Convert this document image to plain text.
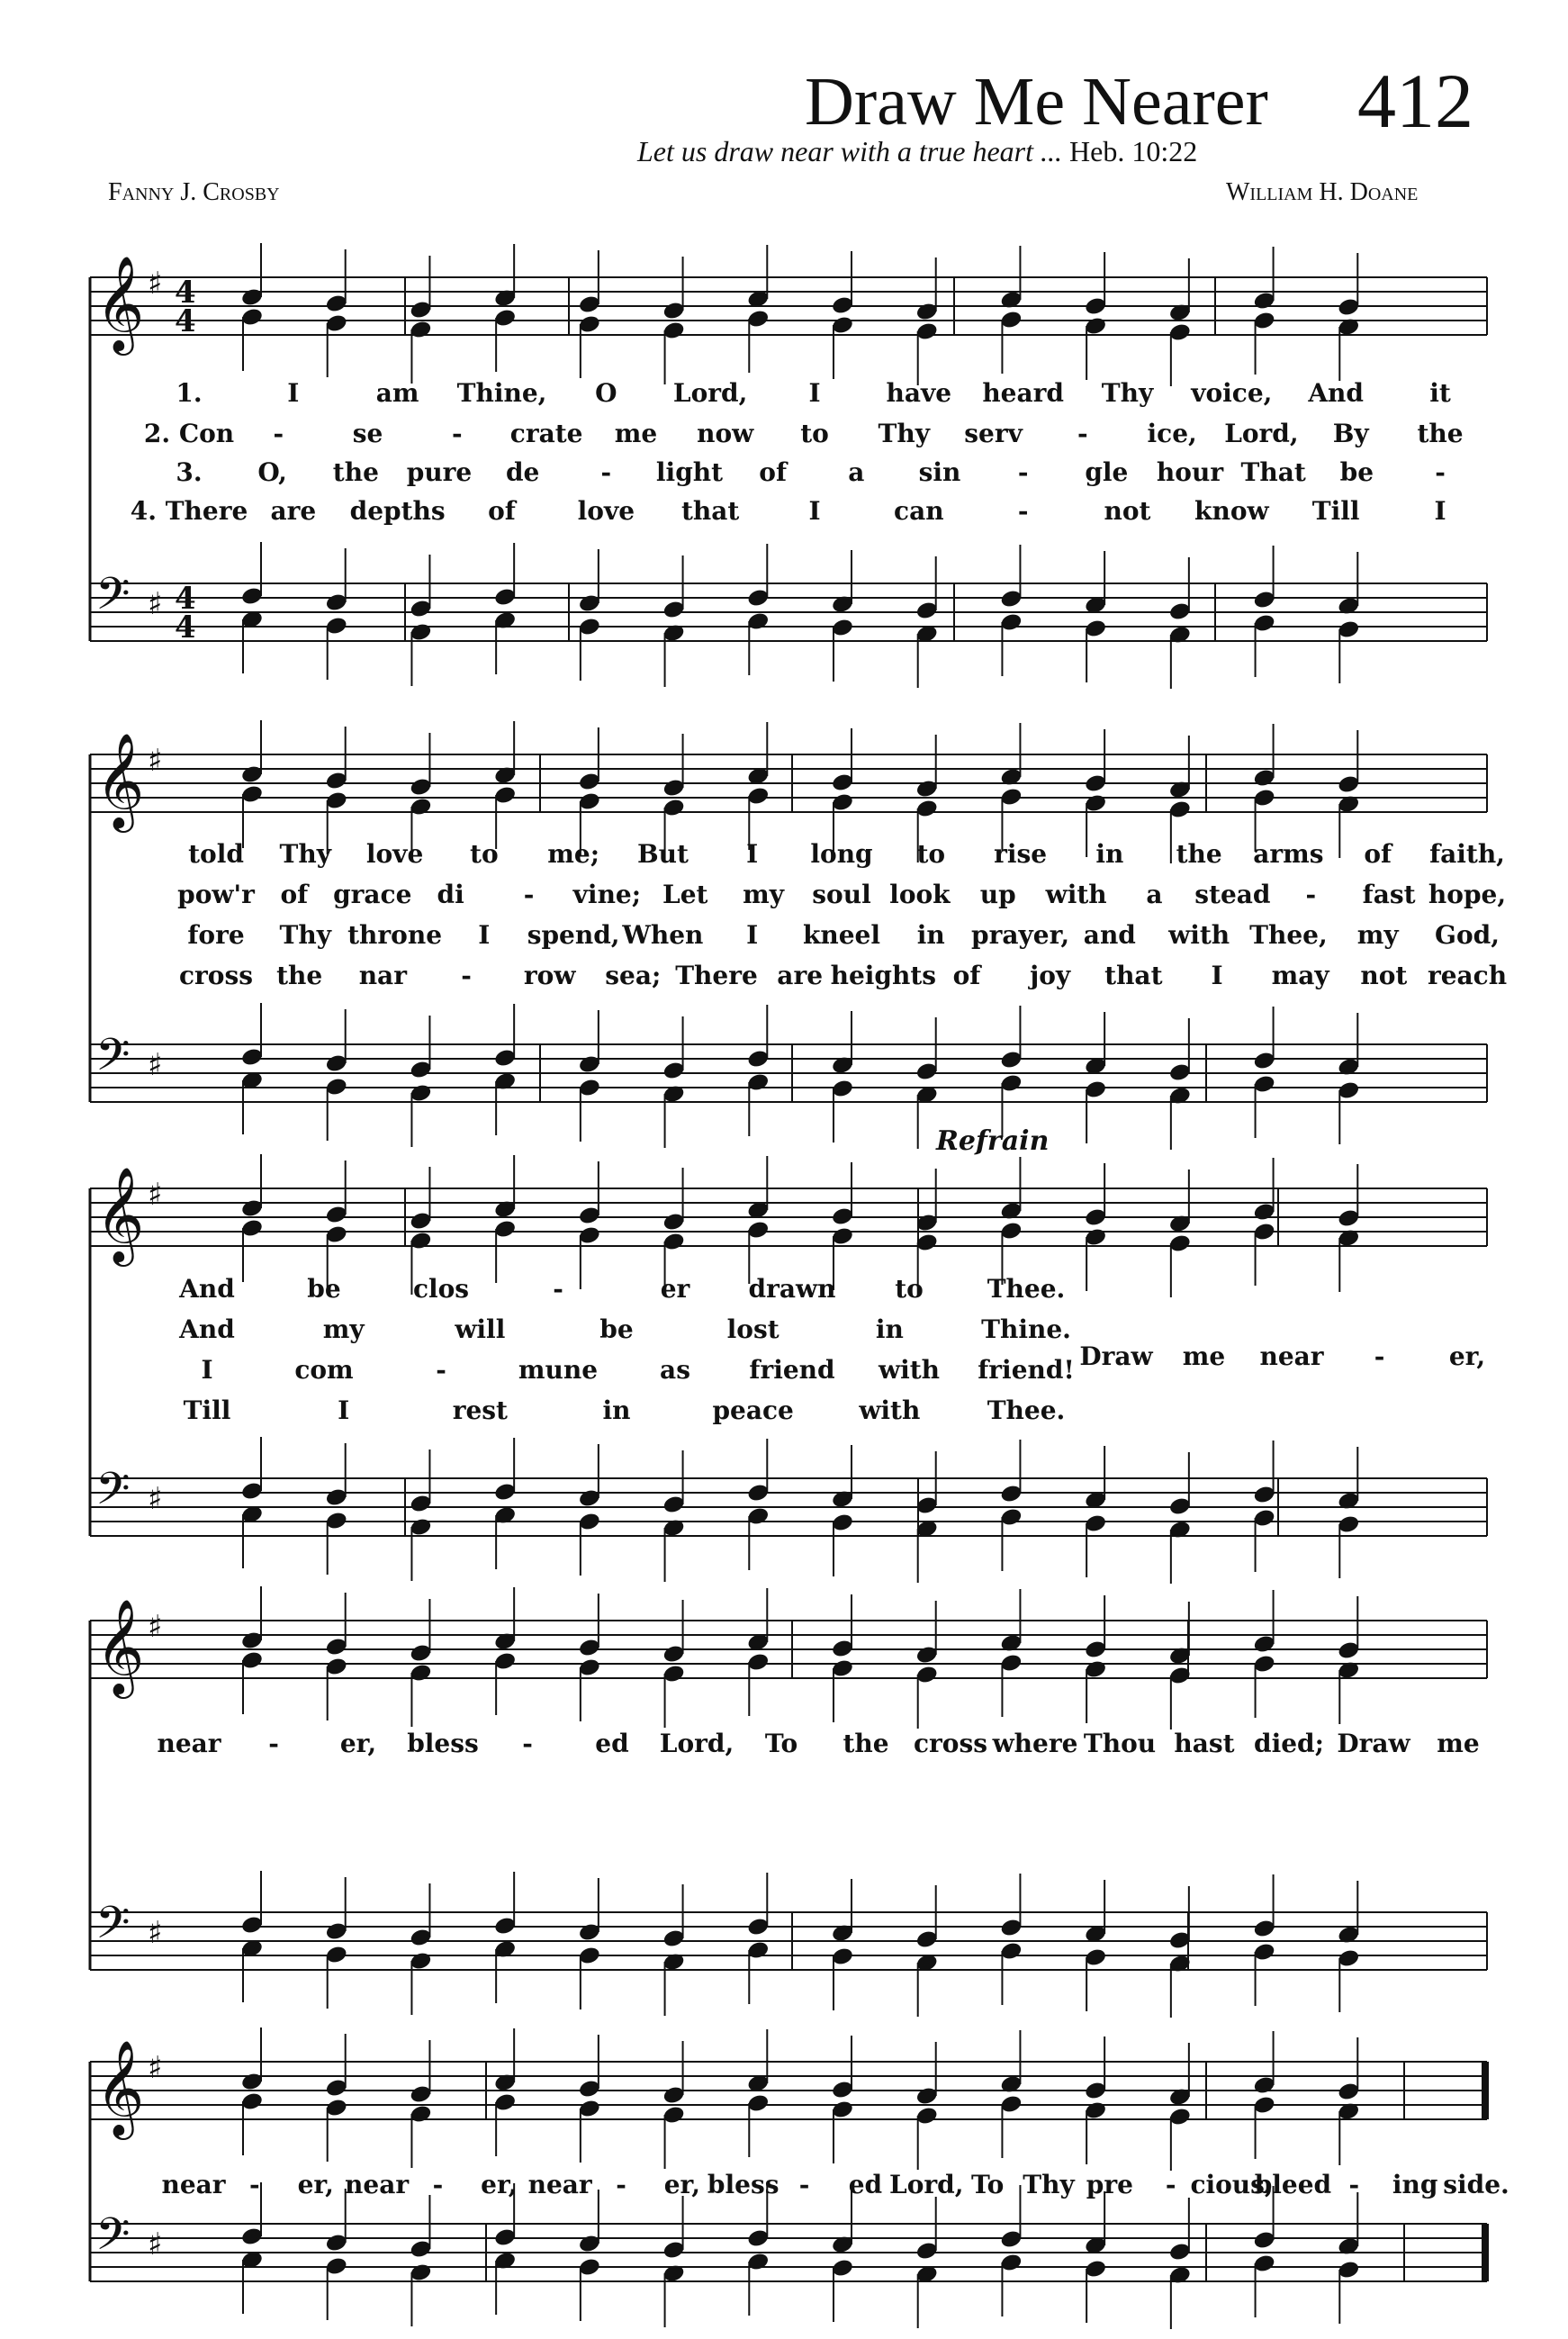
Draw Me Nearer 412
Let us draw near with a true heart ... Heb. 10:22
Fanny J. Crosby	William H. Doane
Refrain
𝄞 ♯ 4
4
𝄢 ♯ 4
4
𝄞 ♯
𝄢 ♯
𝄞 ♯
𝄢 ♯
𝄞 ♯
𝄢 ♯
𝄞 ♯
𝄢 ♯
1.	I	am Thine, O Lord, I	have heard Thy voice, And	it
2. Con -	se	- crate me now to Thy serv - ice, Lord, By the
3. O, the pure de - light of a sin - gle hour That be -
4. There are depths of love that	I	can	-	not know Till	I
told Thy love to me; But I long to rise in the arms of faith,
pow'r of grace di - vine; Let my soul look up with a stead - fast hope,
fore Thy throne I spend, When I kneel in prayer, and with Thee, my God,
cross the nar - row sea; There are heights of joy that I may not reach
And	be	clos	-	er drawn to	Thee.
And	my	will	be	lost	in	Thine.
I	com	-	mune as friend with friend!
Till	I	rest	in	peace	with	Thee.
Draw me near -	er,
near - er, bless - ed Lord, To the cross where Thou hast died; Draw me
near - er, near - er, near - er, bless - ed Lord, To Thy pre - cious,
bleed - ing side.
